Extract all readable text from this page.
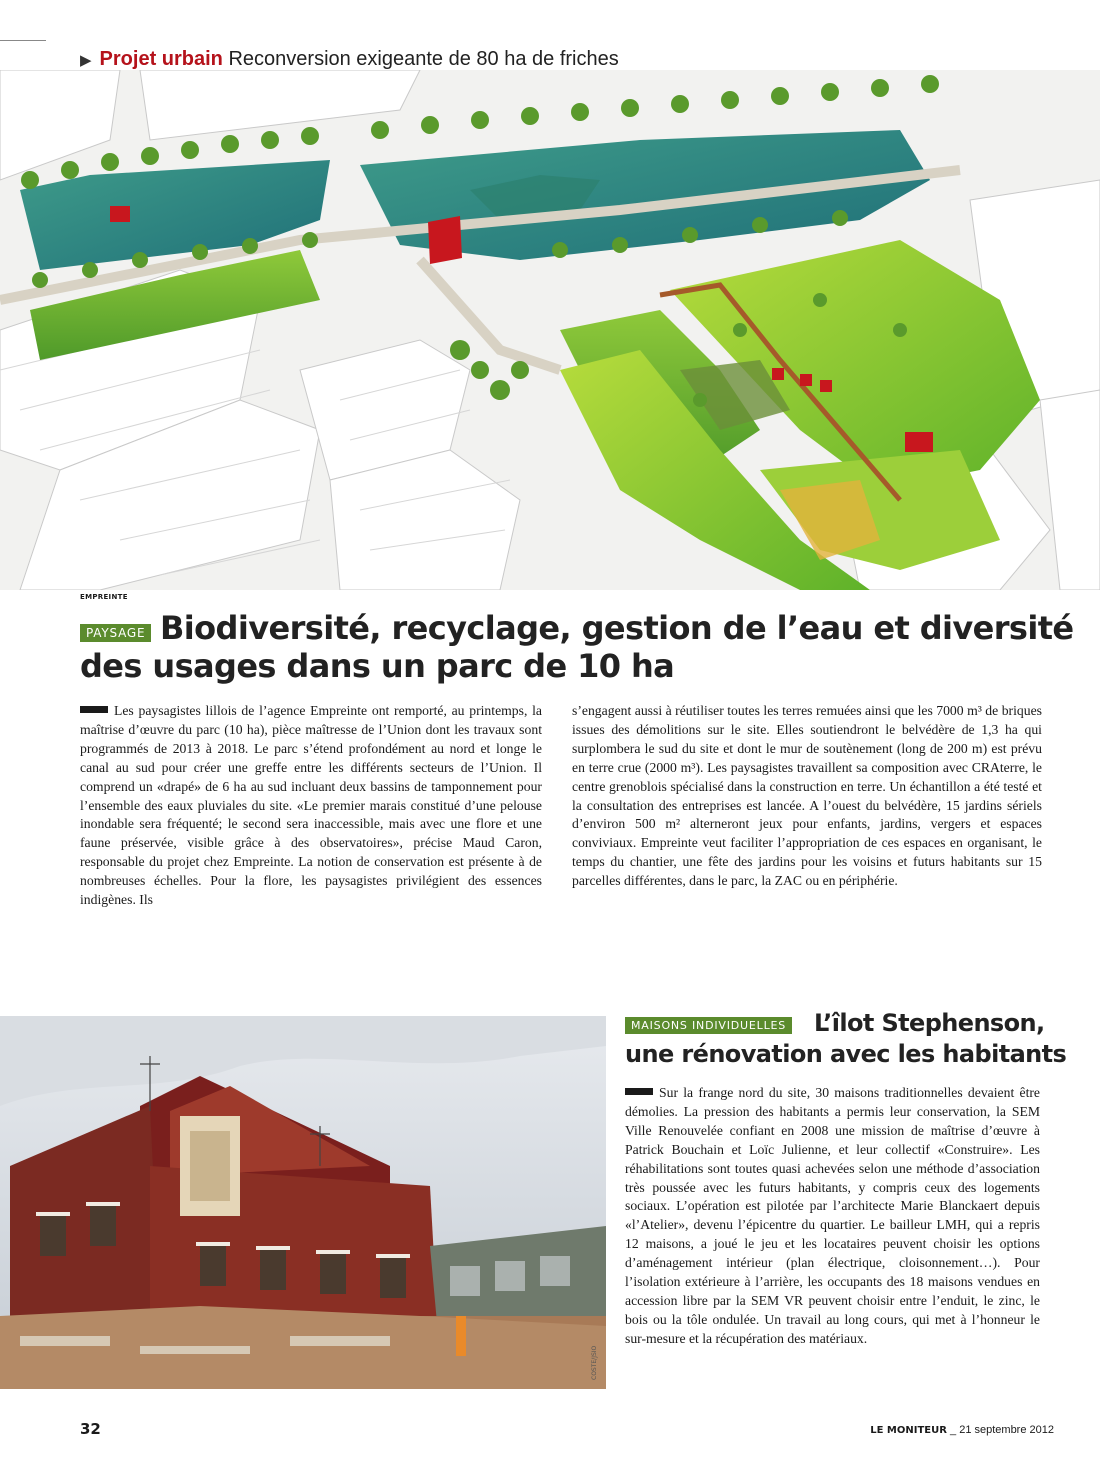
▶ Projet urbain Reconversion exigeante de 80 ha de friches
EMPREINTE
PAYSAGE Biodiversité, recyclage, gestion de l’eau et diversité
des usages dans un parc de 10 ha

Les paysagistes lillois de l’agence Empreinte ont remporté, au printemps, la maîtrise d’œuvre du parc (10 ha), pièce maîtresse de l’Union dont les travaux sont programmés de 2013 à 2018. Le parc s’étend profondément au nord et longe le canal au sud pour créer une greffe entre les différents secteurs de l’Union. Il comprend un «drapé» de 6 ha au sud incluant deux bassins de tamponnement pour l’ensemble des eaux pluviales du site. «Le premier marais constitué d’une pelouse inondable sera fréquenté; le second sera inaccessible, mais avec une flore et une faune préservée, visible grâce à des observatoires», précise Maud Caron, responsable du projet chez Empreinte. La notion de conservation est présente à de nombreuses échelles. Pour la flore, les paysagistes privilégient des essences indigènes. Ils

s’engagent aussi à réutiliser toutes les terres remuées ainsi que les 7000 m³ de briques issues des démolitions sur le site. Elles soutiendront le belvédère de 1,3 ha qui surplombera le sud du site et dont le mur de soutènement (long de 200 m) est prévu en terre crue (2000 m³). Les paysagistes travaillent sa composition avec CRAterre, le centre grenoblois spécialisé dans la construction en terre. Un échantillon a été testé et la consultation des entreprises est lancée. A l’ouest du belvédère, 15 jardins sériels d’environ 500 m² alterneront jeux pour enfants, jardins, vergers et espaces conviviaux. Empreinte veut faciliter l’appropriation de ces espaces en organisant, le temps du chantier, une fête des jardins pour les voisins et futurs habitants sur 15 parcelles différentes, dans le parc, la ZAC ou en périphérie.

COSTE/JSIO
MAISONS INDIVIDUELLES L’îlot Stephenson,
une rénovation avec les habitants

Sur la frange nord du site, 30 maisons traditionnelles devaient être démolies. La pression des habitants a permis leur conservation, la SEM Ville Renouvelée confiant en 2008 une mission de maîtrise d’œuvre à Patrick Bouchain et Loïc Julienne, et leur collectif «Construire». Les réhabilitations sont toutes quasi achevées selon une méthode d’association très poussée avec les futurs habitants, y compris ceux des logements sociaux. L’opération est pilotée par l’architecte Marie Blanckaert depuis «l’Atelier», devenu l’épicentre du quartier. Le bailleur LMH, qui a repris 12 maisons, a joué le jeu et les locataires peuvent choisir les options d’aménagement intérieur (plan électrique, cloisonnement…). Pour l’isolation extérieure à l’arrière, les occupants des 18 maisons vendues en accession libre par la SEM VR peuvent choisir entre l’enduit, le zinc, le bois ou la tôle ondulée. Un travail au long cours, qui met à l’honneur le sur-mesure et la récupération des matériaux.

32	LE MONITEUR _ 21 septembre 2012
